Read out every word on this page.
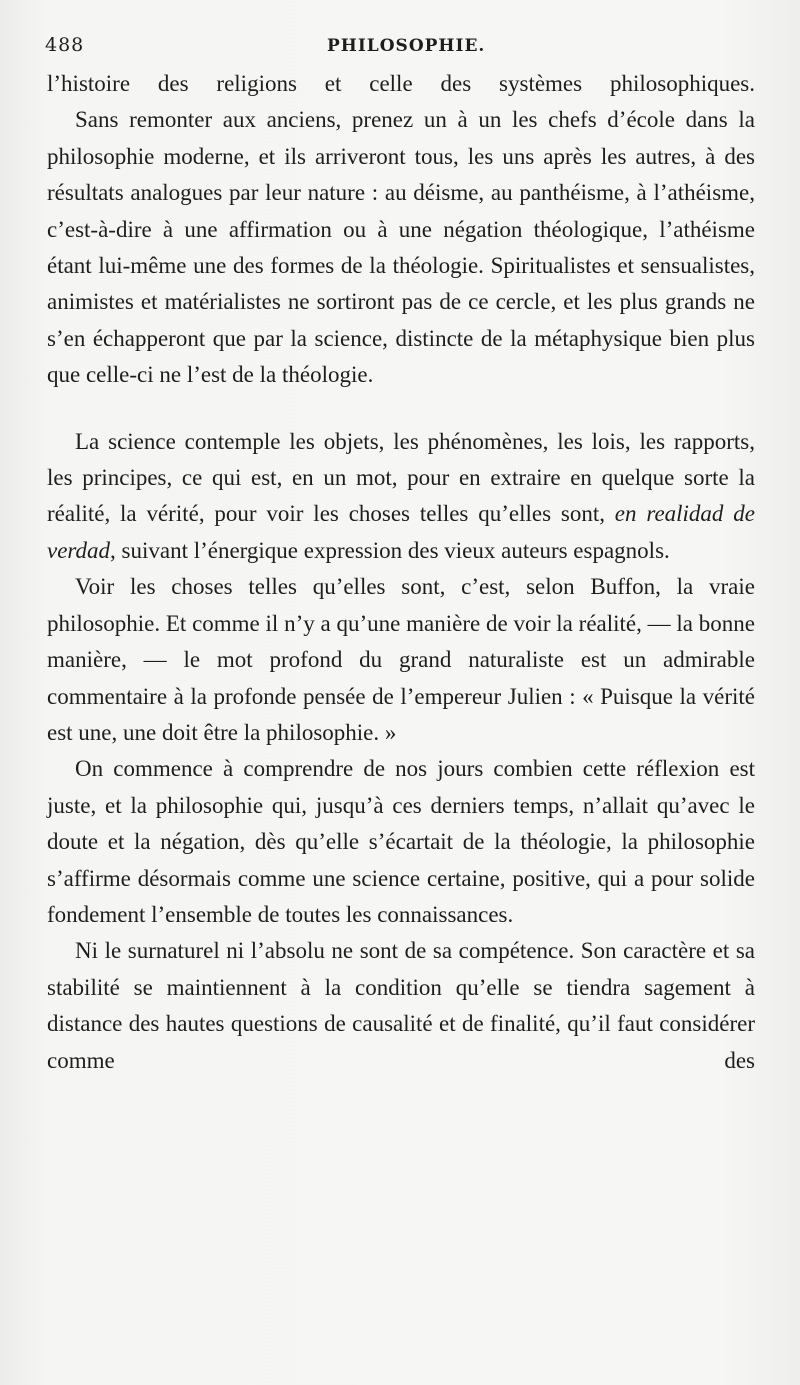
488	PHILOSOPHIE.

l’histoire des religions et celle des systèmes philosophiques.

Sans remonter aux anciens, prenez un à un les chefs d’école dans la philosophie moderne, et ils arriveront tous, les uns après les autres, à des résultats analogues par leur nature : au déisme, au panthéisme, à l’athéisme, c’est-à-dire à une affirmation ou à une négation théologique, l’athéisme étant lui-même une des formes de la théologie. Spiritualistes et sensualistes, animistes et matérialistes ne sortiront pas de ce cercle, et les plus grands ne s’en échapperont que par la science, distincte de la métaphysique bien plus que celle-ci ne l’est de la théologie.

La science contemple les objets, les phénomènes, les lois, les rapports, les principes, ce qui est, en un mot, pour en extraire en quelque sorte la réalité, la vérité, pour voir les choses telles qu’elles sont, en realidad de verdad, suivant l’énergique expression des vieux auteurs espagnols.

Voir les choses telles qu’elles sont, c’est, selon Buffon, la vraie philosophie. Et comme il n’y a qu’une manière de voir la réalité, — la bonne manière, — le mot profond du grand naturaliste est un admirable commentaire à la profonde pensée de l’empereur Julien : « Puisque la vérité est une, une doit être la philosophie. »

On commence à comprendre de nos jours combien cette réflexion est juste, et la philosophie qui, jusqu’à ces derniers temps, n’allait qu’avec le doute et la négation, dès qu’elle s’écartait de la théologie, la philosophie s’affirme désormais comme une science certaine, positive, qui a pour solide fondement l’ensemble de toutes les connaissances.

Ni le surnaturel ni l’absolu ne sont de sa compétence. Son caractère et sa stabilité se maintiennent à la condition qu’elle se tiendra sagement à distance des hautes questions de causalité et de finalité, qu’il faut considérer comme des
